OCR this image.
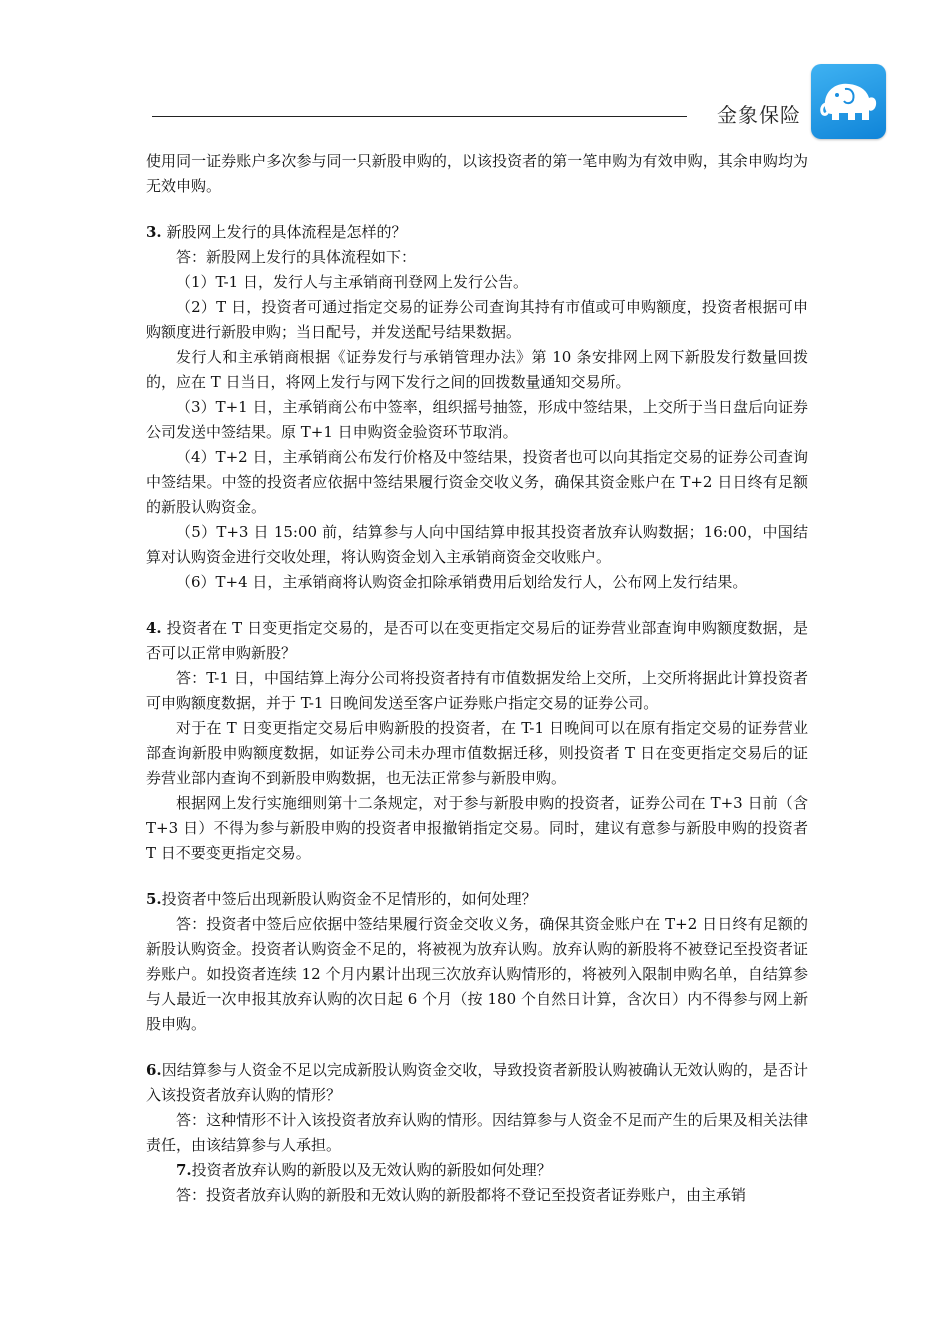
金象保险

使用同一证券账户多次参与同一只新股申购的，以该投资者的第一笔申购为有效申购，其余申购均为无效申购。

3. 新股网上发行的具体流程是怎样的？

答：新股网上发行的具体流程如下：

（1）T-1 日，发行人与主承销商刊登网上发行公告。

（2）T 日，投资者可通过指定交易的证券公司查询其持有市值或可申购额度，投资者根据可申购额度进行新股申购；当日配号，并发送配号结果数据。

发行人和主承销商根据《证券发行与承销管理办法》第 10 条安排网上网下新股发行数量回拨的，应在 T 日当日，将网上发行与网下发行之间的回拨数量通知交易所。

（3）T+1 日，主承销商公布中签率，组织摇号抽签，形成中签结果，上交所于当日盘后向证券公司发送中签结果。原 T+1 日申购资金验资环节取消。

（4）T+2 日，主承销商公布发行价格及中签结果，投资者也可以向其指定交易的证券公司查询中签结果。中签的投资者应依据中签结果履行资金交收义务，确保其资金账户在 T+2 日日终有足额的新股认购资金。

（5）T+3 日 15:00 前，结算参与人向中国结算申报其投资者放弃认购数据；16:00，中国结算对认购资金进行交收处理，将认购资金划入主承销商资金交收账户。

（6）T+4 日，主承销商将认购资金扣除承销费用后划给发行人，公布网上发行结果。

4. 投资者在 T 日变更指定交易的，是否可以在变更指定交易后的证券营业部查询申购额度数据，是否可以正常申购新股？

答：T-1 日，中国结算上海分公司将投资者持有市值数据发给上交所，上交所将据此计算投资者可申购额度数据，并于 T-1 日晚间发送至客户证券账户指定交易的证券公司。

对于在 T 日变更指定交易后申购新股的投资者，在 T-1 日晚间可以在原有指定交易的证券营业部查询新股申购额度数据，如证券公司未办理市值数据迁移，则投资者 T 日在变更指定交易后的证券营业部内查询不到新股申购数据，也无法正常参与新股申购。

根据网上发行实施细则第十二条规定，对于参与新股申购的投资者，证券公司在 T+3 日前（含 T+3 日）不得为参与新股申购的投资者申报撤销指定交易。同时，建议有意参与新股申购的投资者 T 日不要变更指定交易。

5.投资者中签后出现新股认购资金不足情形的，如何处理？

答：投资者中签后应依据中签结果履行资金交收义务，确保其资金账户在 T+2 日日终有足额的新股认购资金。投资者认购资金不足的，将被视为放弃认购。放弃认购的新股将不被登记至投资者证券账户。如投资者连续 12 个月内累计出现三次放弃认购情形的，将被列入限制申购名单，自结算参与人最近一次申报其放弃认购的次日起 6 个月（按 180 个自然日计算，含次日）内不得参与网上新股申购。

6.因结算参与人资金不足以完成新股认购资金交收，导致投资者新股认购被确认无效认购的，是否计入该投资者放弃认购的情形？

答：这种情形不计入该投资者放弃认购的情形。因结算参与人资金不足而产生的后果及相关法律责任，由该结算参与人承担。

7.投资者放弃认购的新股以及无效认购的新股如何处理？

答：投资者放弃认购的新股和无效认购的新股都将不登记至投资者证券账户，由主承销
